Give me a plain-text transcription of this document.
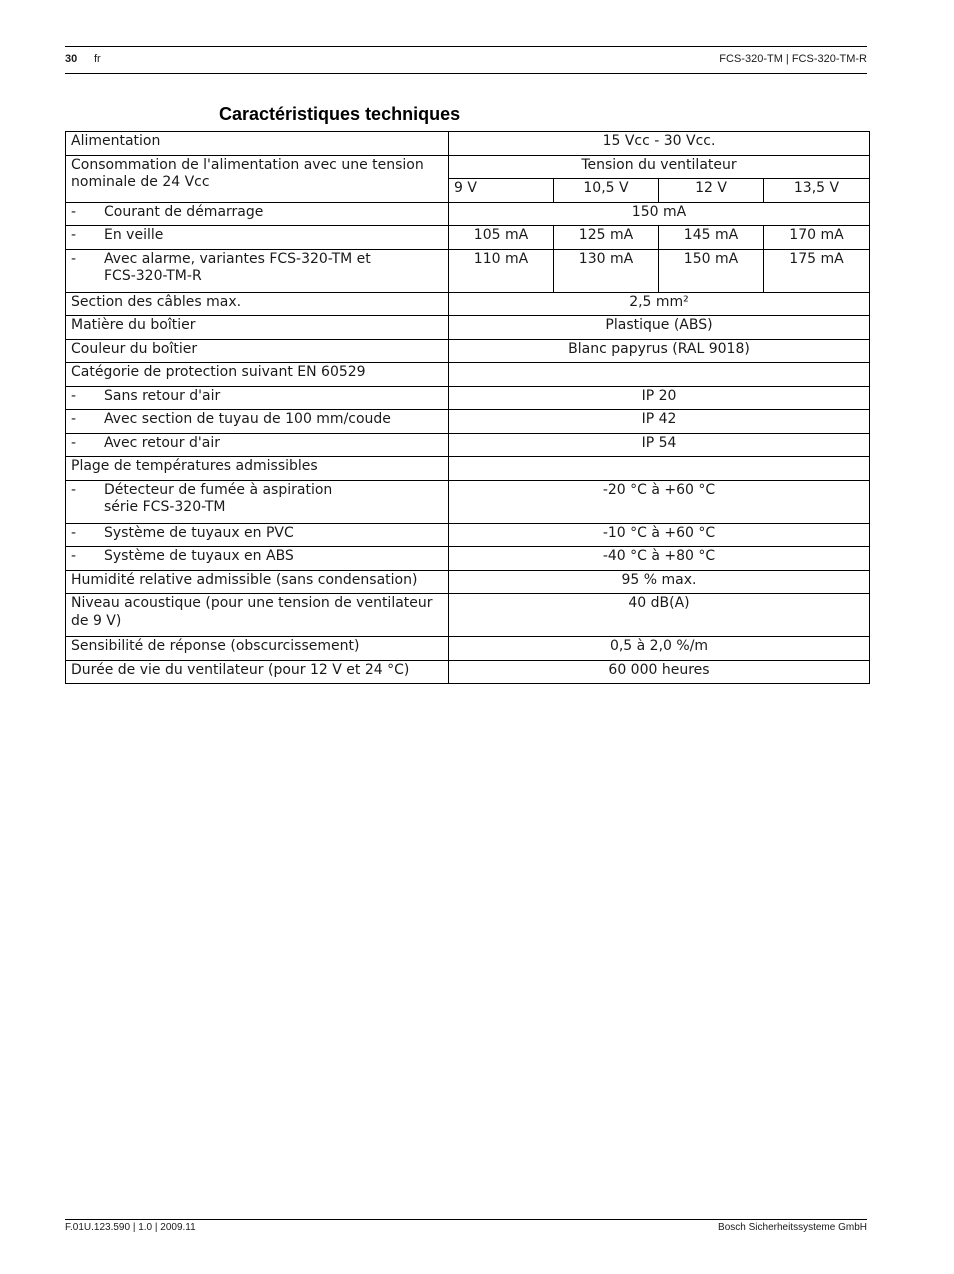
30 fr	FCS-320-TM | FCS-320-TM-R
Caractéristiques techniques
Alimentation	15 Vcc - 30 Vcc.			
Consommation de l'alimentation avec une tension nominale de 24 Vcc	Tension du ventilateur			
	9 V	10,5 V	12 V	13,5 V
- Courant de démarrage	150 mA			
- En veille	105 mA	125 mA	145 mA	170 mA
- Avec alarme, variantes FCS-320-TM et
FCS-320-TM-R	110 mA	130 mA	150 mA	175 mA
Section des câbles max.	2,5 mm²			
Matière du boîtier	Plastique (ABS)			
Couleur du boîtier	Blanc papyrus (RAL 9018)			
Catégorie de protection suivant EN 60529				
- Sans retour d'air	IP 20			
- Avec section de tuyau de 100 mm/coude	IP 42			
- Avec retour d'air	IP 54			
Plage de températures admissibles				
- Détecteur de fumée à aspiration
série FCS-320-TM	-20 °C à +60 °C			
- Système de tuyaux en PVC	-10 °C à +60 °C			
- Système de tuyaux en ABS	-40 °C à +80 °C			
Humidité relative admissible (sans condensation)	95 % max.			
Niveau acoustique (pour une tension de ventilateur de 9 V)	40 dB(A)			
Sensibilité de réponse (obscurcissement)	0,5 à 2,0 %/m			
Durée de vie du ventilateur (pour 12 V et 24 °C)	60 000 heures			
F.01U.123.590 | 1.0 | 2009.11	Bosch Sicherheitssysteme GmbH
